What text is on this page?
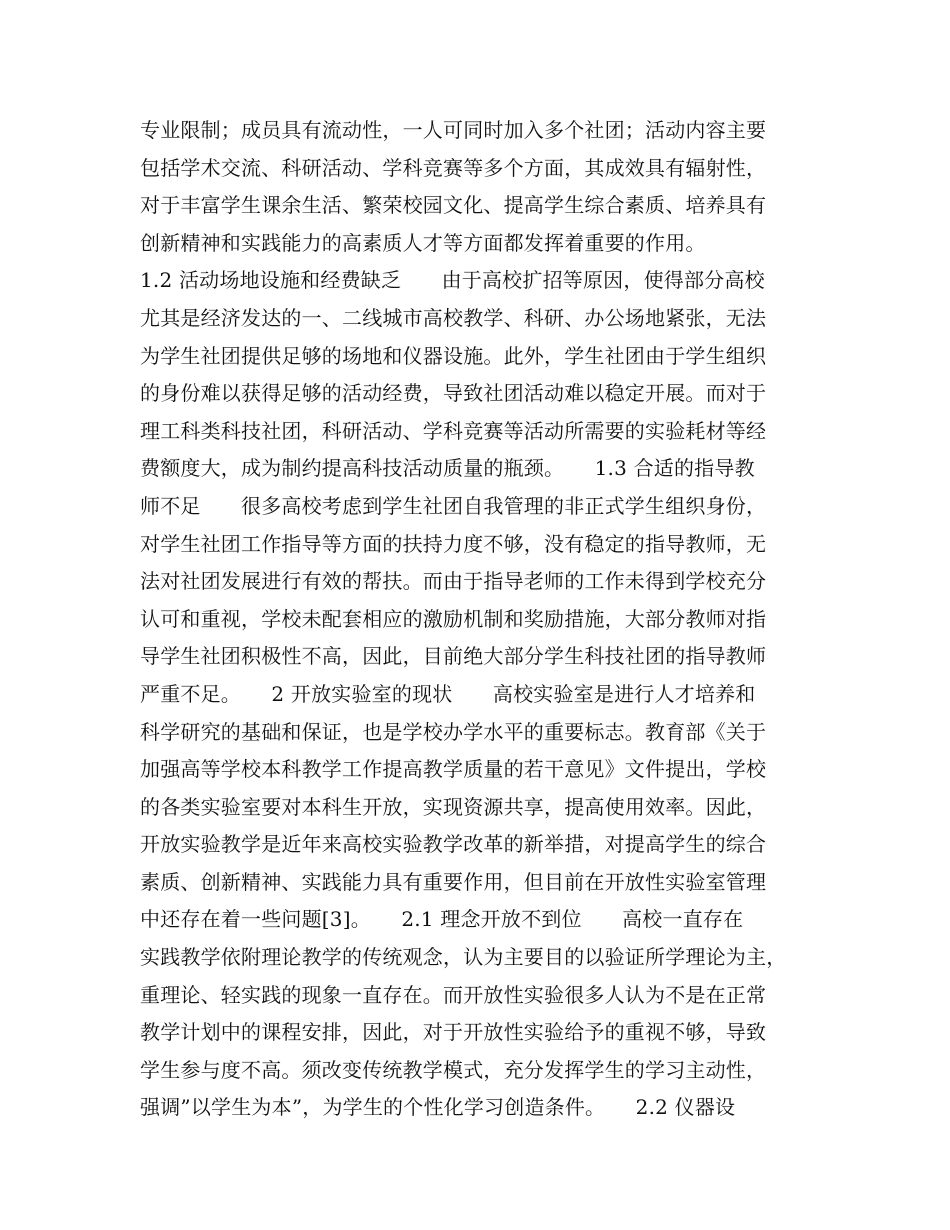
专业限制；成员具有流动性，一人可同时加入多个社团；活动内容主要
包括学术交流、科研活动、学科竞赛等多个方面，其成效具有辐射性，
对于丰富学生课余生活、繁荣校园文化、提高学生综合素质、培养具有
创新精神和实践能力的高素质人才等方面都发挥着重要的作用。
1.2 活动场地设施和经费缺乏　　由于高校扩招等原因，使得部分高校
尤其是经济发达的一、二线城市高校教学、科研、办公场地紧张，无法
为学生社团提供足够的场地和仪器设施。此外，学生社团由于学生组织
的身份难以获得足够的活动经费，导致社团活动难以稳定开展。而对于
理工科类科技社团，科研活动、学科竞赛等活动所需要的实验耗材等经
费额度大，成为制约提高科技活动质量的瓶颈。　　1.3 合适的指导教
师不足　　很多高校考虑到学生社团自我管理的非正式学生组织身份，
对学生社团工作指导等方面的扶持力度不够，没有稳定的指导教师，无
法对社团发展进行有效的帮扶。而由于指导老师的工作未得到学校充分
认可和重视，学校未配套相应的激励机制和奖励措施，大部分教师对指
导学生社团积极性不高，因此，目前绝大部分学生科技社团的指导教师
严重不足。　　2 开放实验室的现状　　高校实验室是进行人才培养和
科学研究的基础和保证，也是学校办学水平的重要标志。教育部《关于
加强高等学校本科教学工作提高教学质量的若干意见》文件提出，学校
的各类实验室要对本科生开放，实现资源共享，提高使用效率。因此，
开放实验教学是近年来高校实验教学改革的新举措，对提高学生的综合
素质、创新精神、实践能力具有重要作用，但目前在开放性实验室管理
中还存在着一些问题[3]。　　2.1 理念开放不到位　　高校一直存在
实践教学依附理论教学的传统观念，认为主要目的以验证所学理论为主，
重理论、轻实践的现象一直存在。而开放性实验很多人认为不是在正常
教学计划中的课程安排，因此，对于开放性实验给予的重视不够，导致
学生参与度不高。须改变传统教学模式，充分发挥学生的学习主动性，
强调”以学生为本”，为学生的个性化学习创造条件。　　2.2 仪器设
